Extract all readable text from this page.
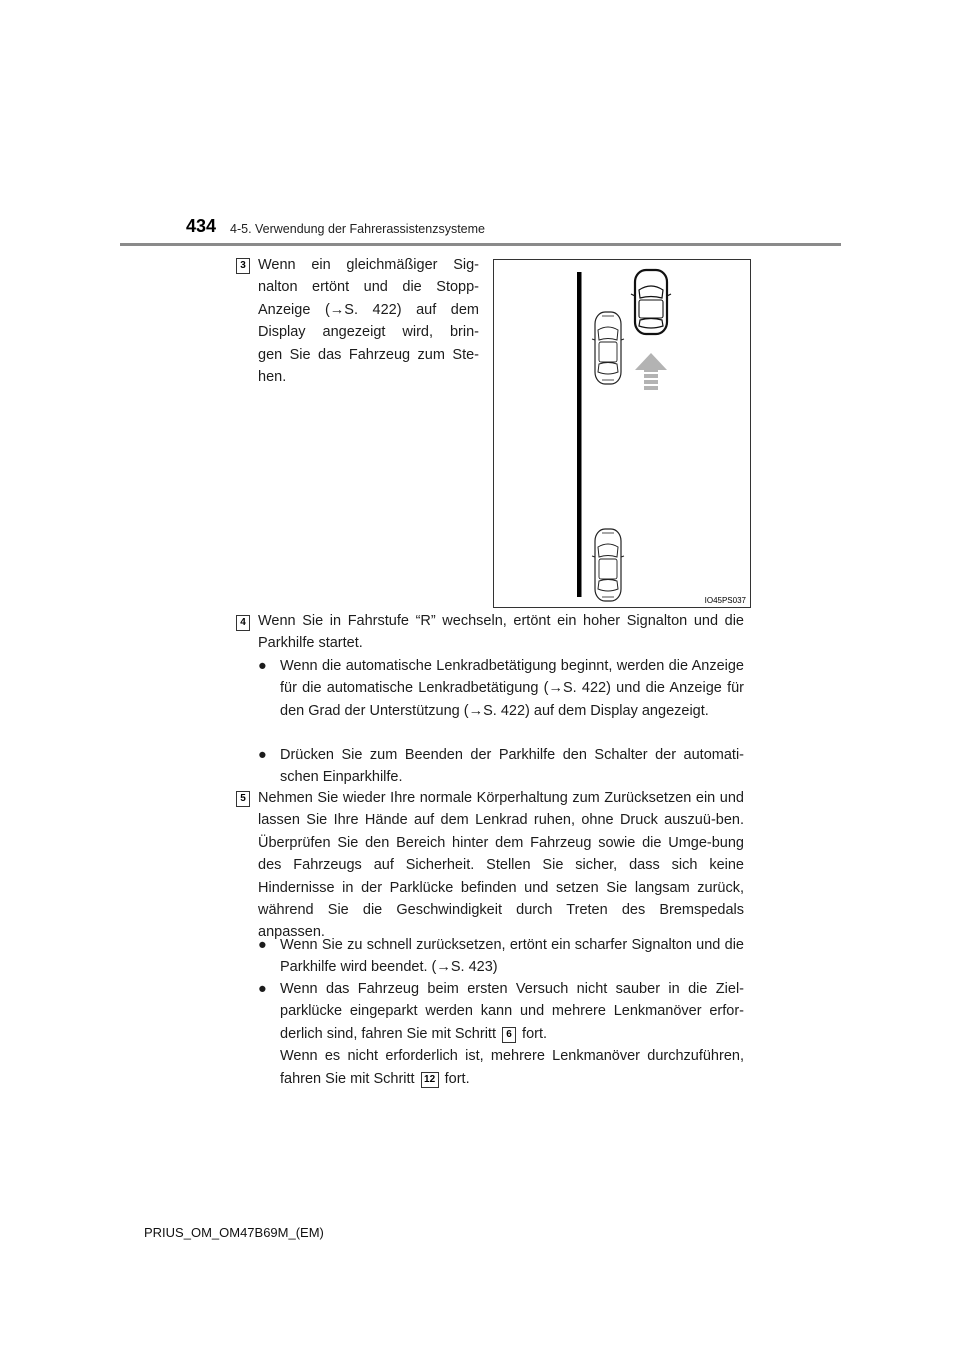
434 4-5. Verwendung der Fahrerassistenzsysteme
3 Wenn ein gleichmäßiger Sig-
nalton ertönt und die Stopp-
Anzeige (→S. 422) auf dem
Display angezeigt wird, brin-
gen Sie das Fahrzeug zum Ste-
hen.
IO45PS037
4 Wenn Sie in Fahrstufe “R” wechseln, ertönt ein hoher Signalton und die Parkhilfe startet.
● Wenn die automatische Lenkradbetätigung beginnt, werden die Anzeige für die automatische Lenkradbetätigung (→S. 422) und die Anzeige für den Grad der Unterstützung (→S. 422) auf dem Display angezeigt.
● Drücken Sie zum Beenden der Parkhilfe den Schalter der automati-schen Einparkhilfe.
5 Nehmen Sie wieder Ihre normale Körperhaltung zum Zurücksetzen ein und lassen Sie Ihre Hände auf dem Lenkrad ruhen, ohne Druck auszuü-ben. Überprüfen Sie den Bereich hinter dem Fahrzeug sowie die Umge-bung des Fahrzeugs auf Sicherheit. Stellen Sie sicher, dass sich keine Hindernisse in der Parklücke befinden und setzen Sie langsam zurück, während Sie die Geschwindigkeit durch Treten des Bremspedals anpassen.
● Wenn Sie zu schnell zurücksetzen, ertönt ein scharfer Signalton und die Parkhilfe wird beendet. (→S. 423)
● Wenn das Fahrzeug beim ersten Versuch nicht sauber in die Ziel-parklücke eingeparkt werden kann und mehrere Lenkmanöver erfor-derlich sind, fahren Sie mit Schritt 6 fort.
Wenn es nicht erforderlich ist, mehrere Lenkmanöver durchzuführen, fahren Sie mit Schritt 12 fort.
PRIUS_OM_OM47B69M_(EM)
